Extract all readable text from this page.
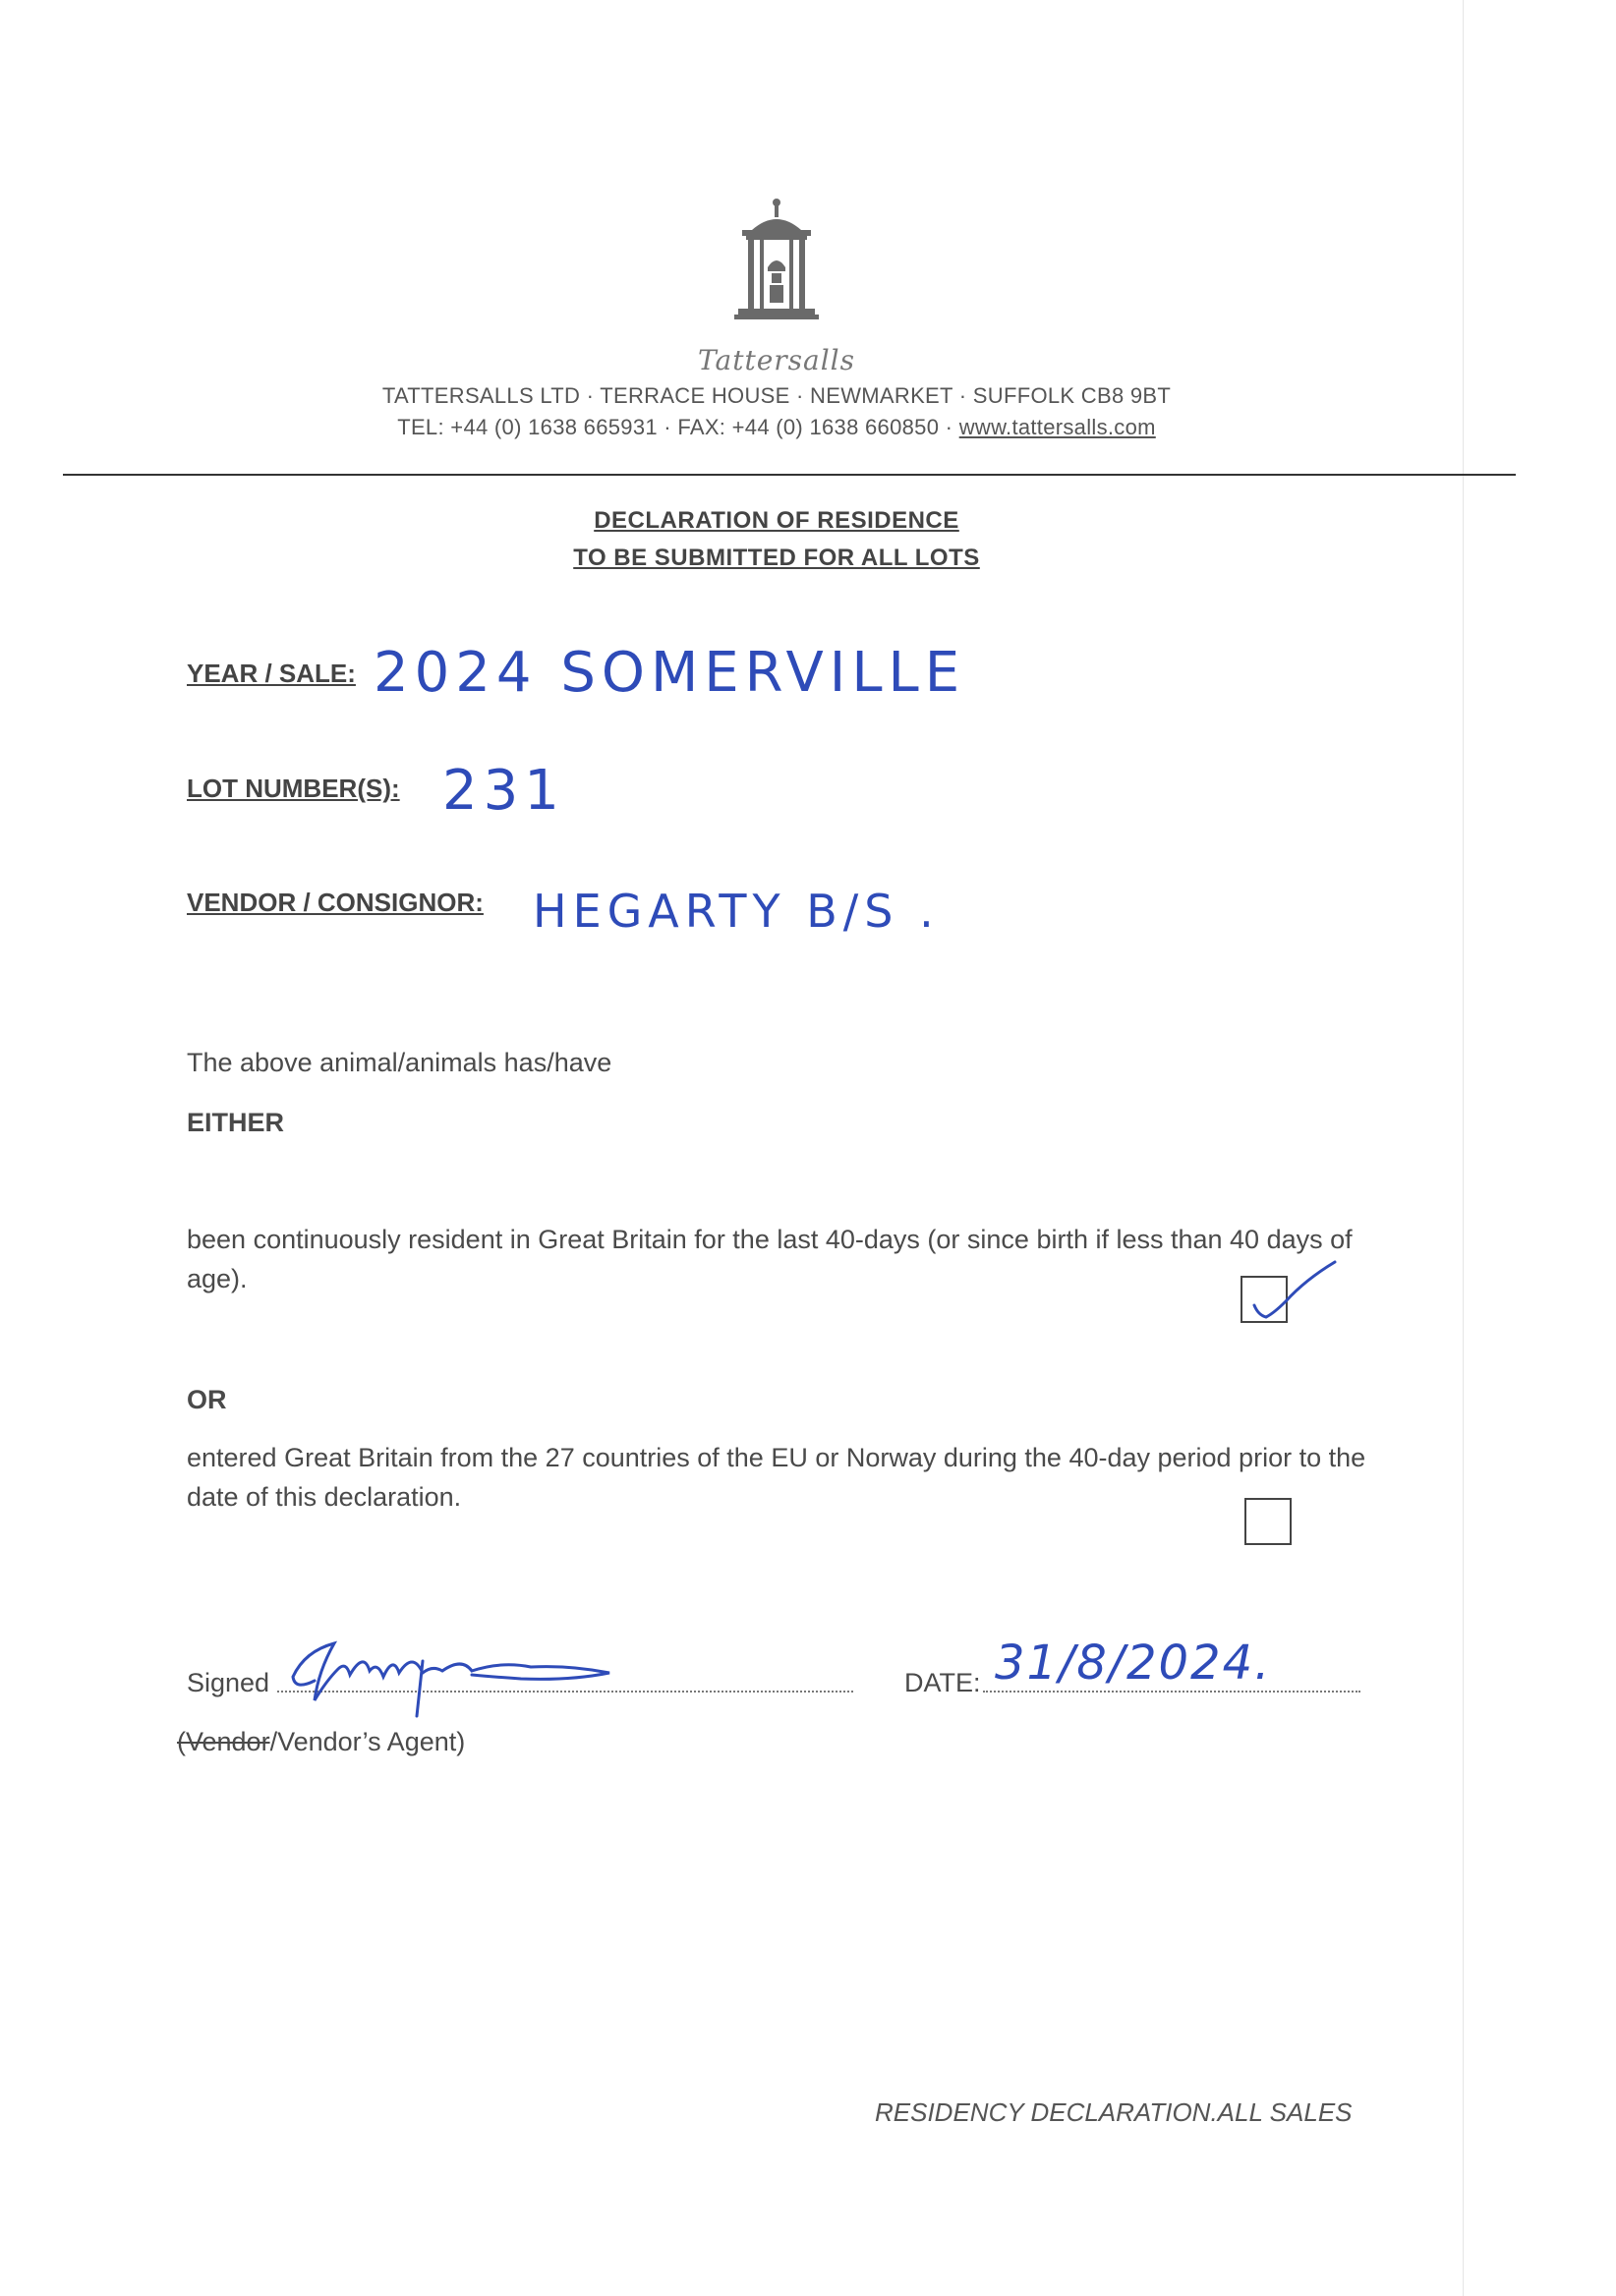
Tattersalls
TATTERSALLS LTD · TERRACE HOUSE · NEWMARKET · SUFFOLK CB8 9BT
TEL: +44 (0) 1638 665931 · FAX: +44 (0) 1638 660850 · www.tattersalls.com
DECLARATION OF RESIDENCE
TO BE SUBMITTED FOR ALL LOTS
YEAR / SALE: 2024 SOMERVILLE
LOT NUMBER(S): 231
VENDOR / CONSIGNOR: HEGARTY B/S .
The above animal/animals has/have
EITHER
been continuously resident in Great Britain for the last 40-days (or since birth if less than 40 days of age).
OR
entered Great Britain from the 27 countries of the EU or Norway during the 40-day period prior to the date of this declaration.
Signed	DATE: 31/8/2024.
(Vendor/Vendor’s Agent)
RESIDENCY DECLARATION.ALL SALES
